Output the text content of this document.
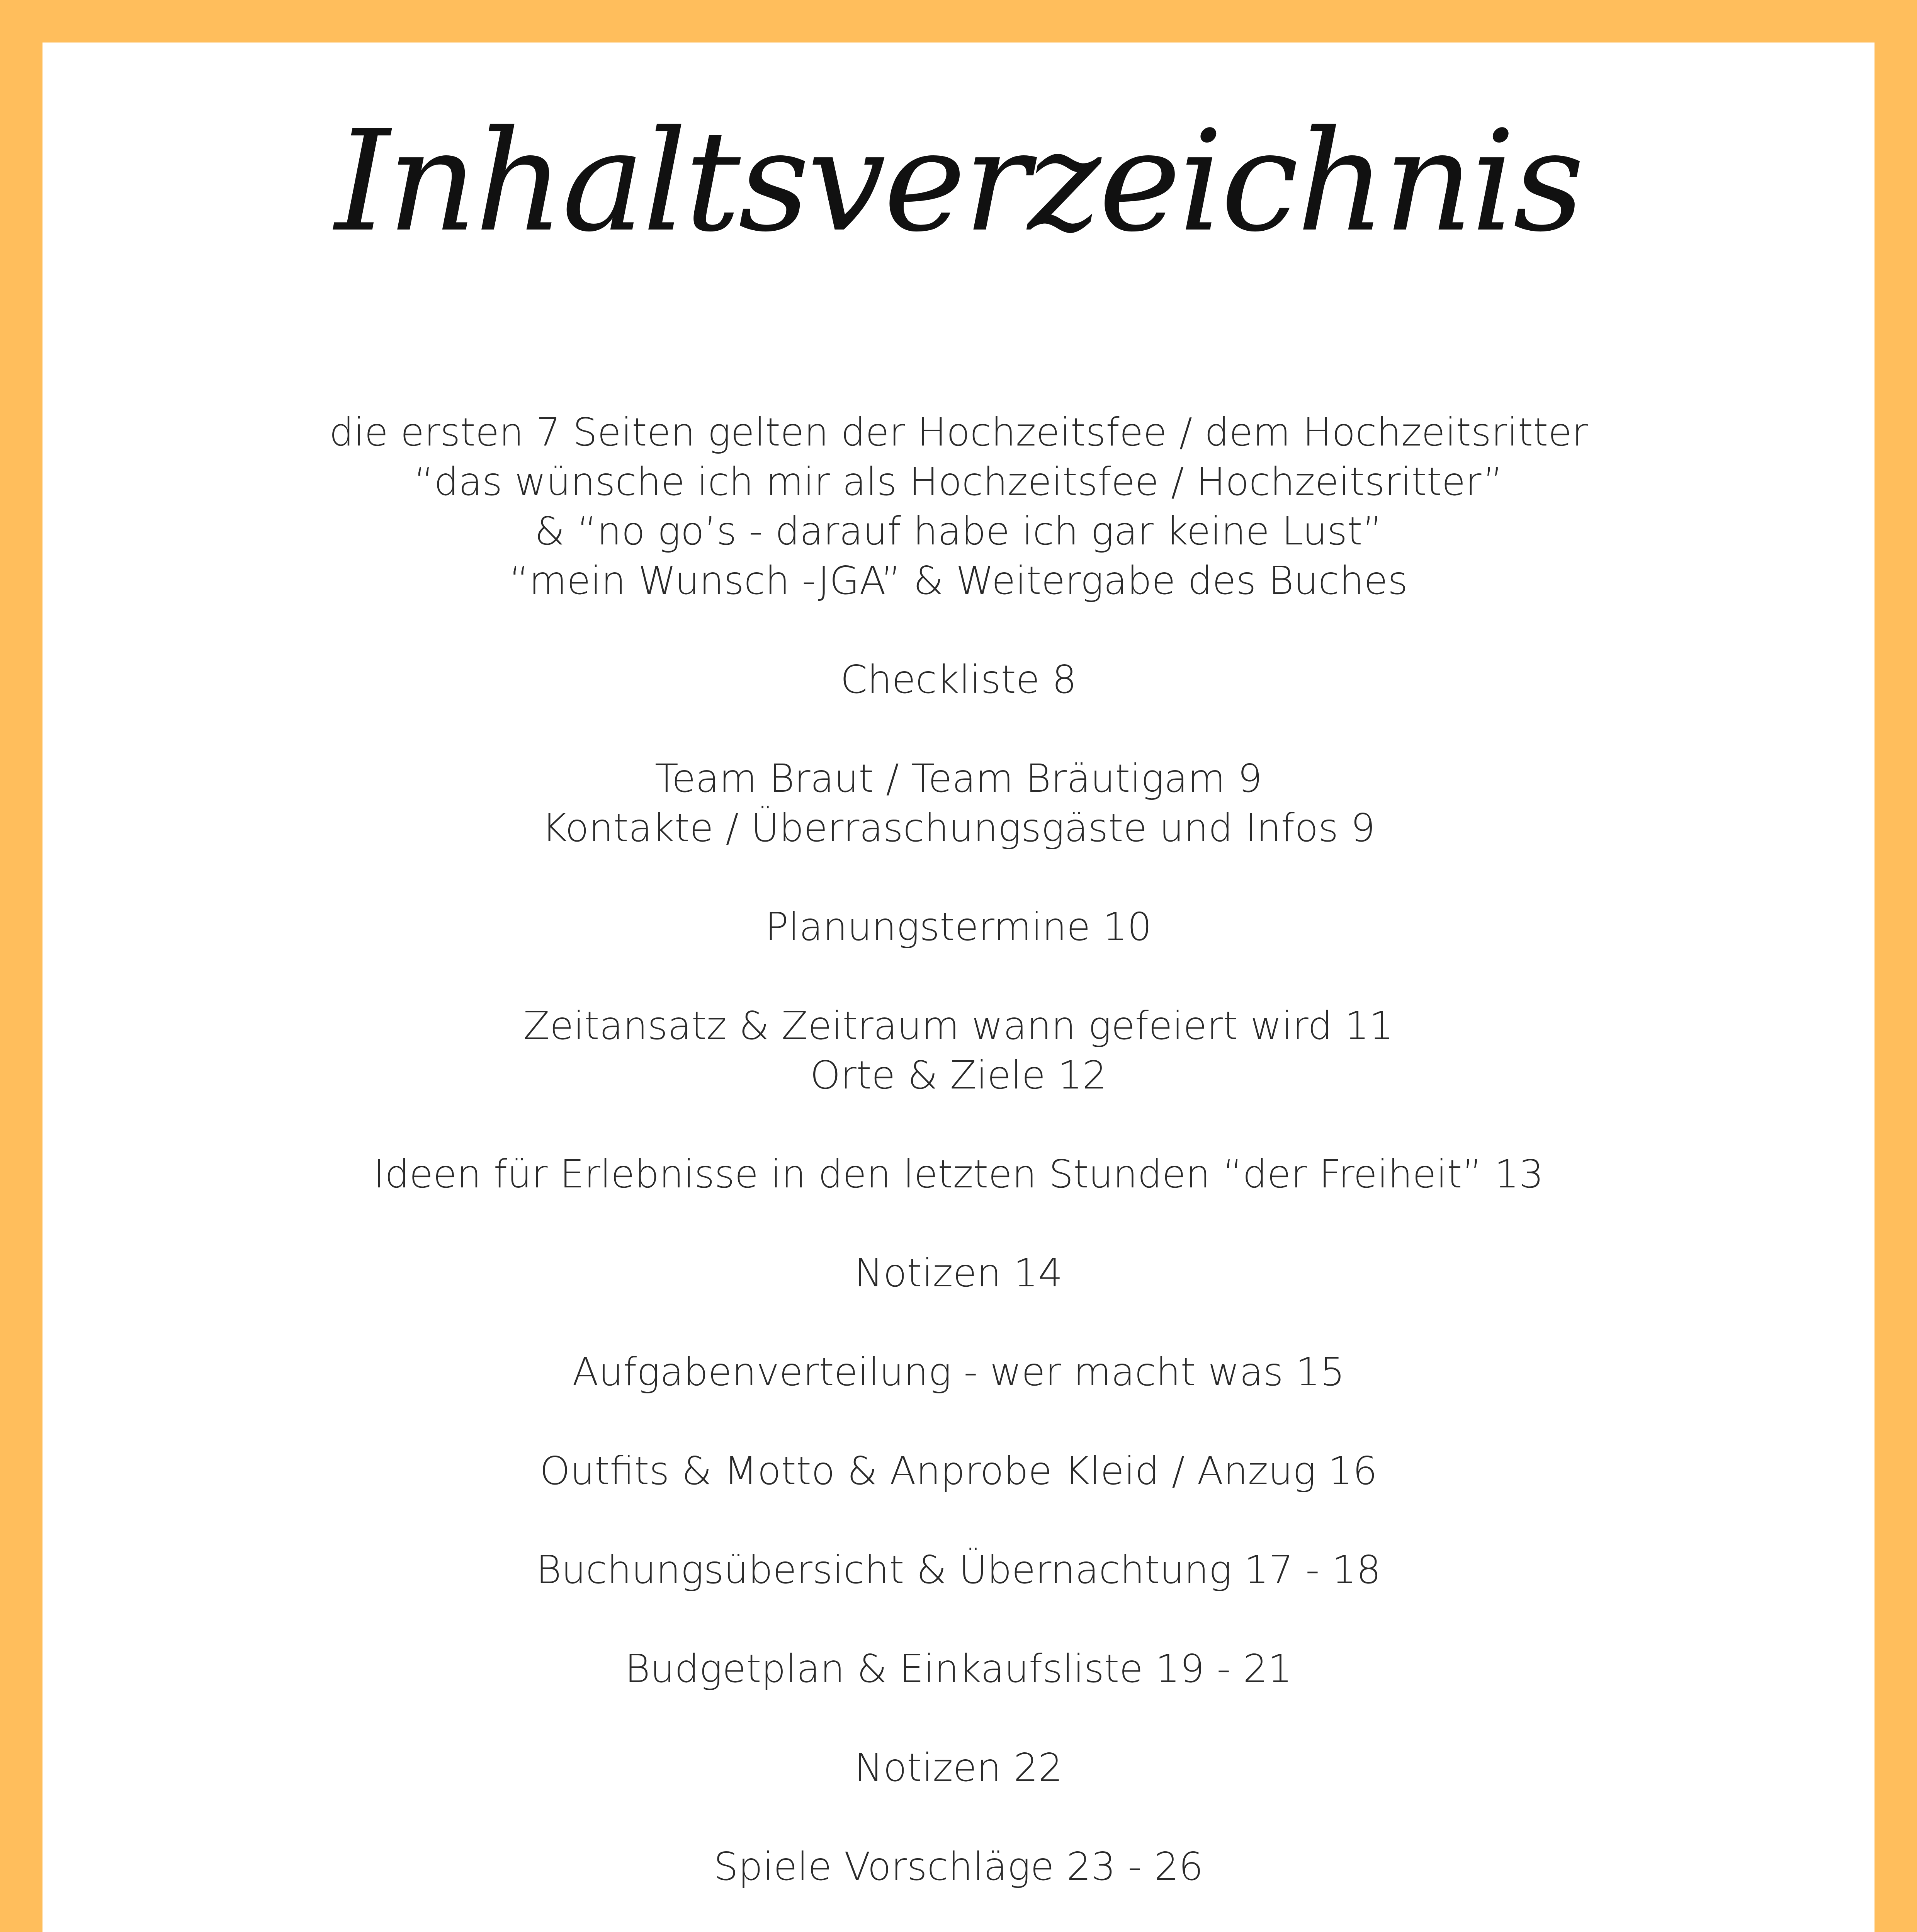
Inhaltsverzeichnis
die ersten 7 Seiten gelten der Hochzeitsfee / dem Hochzeitsritter
“das wünsche ich mir als Hochzeitsfee / Hochzeitsritter”
& “no go’s - darauf habe ich gar keine Lust”
“mein Wunsch -JGA” & Weitergabe des Buches
Checkliste 8
Team Braut / Team Bräutigam 9
Kontakte / Überraschungsgäste und Infos 9
Planungstermine 10
Zeitansatz & Zeitraum wann gefeiert wird 11
Orte & Ziele 12
Ideen für Erlebnisse in den letzten Stunden “der Freiheit” 13
Notizen 14
Aufgabenverteilung - wer macht was 15
Outfits & Motto & Anprobe Kleid / Anzug 16
Buchungsübersicht & Übernachtung 17 - 18
Budgetplan & Einkaufsliste 19 - 21
Notizen 22
Spiele Vorschläge 23 - 26
